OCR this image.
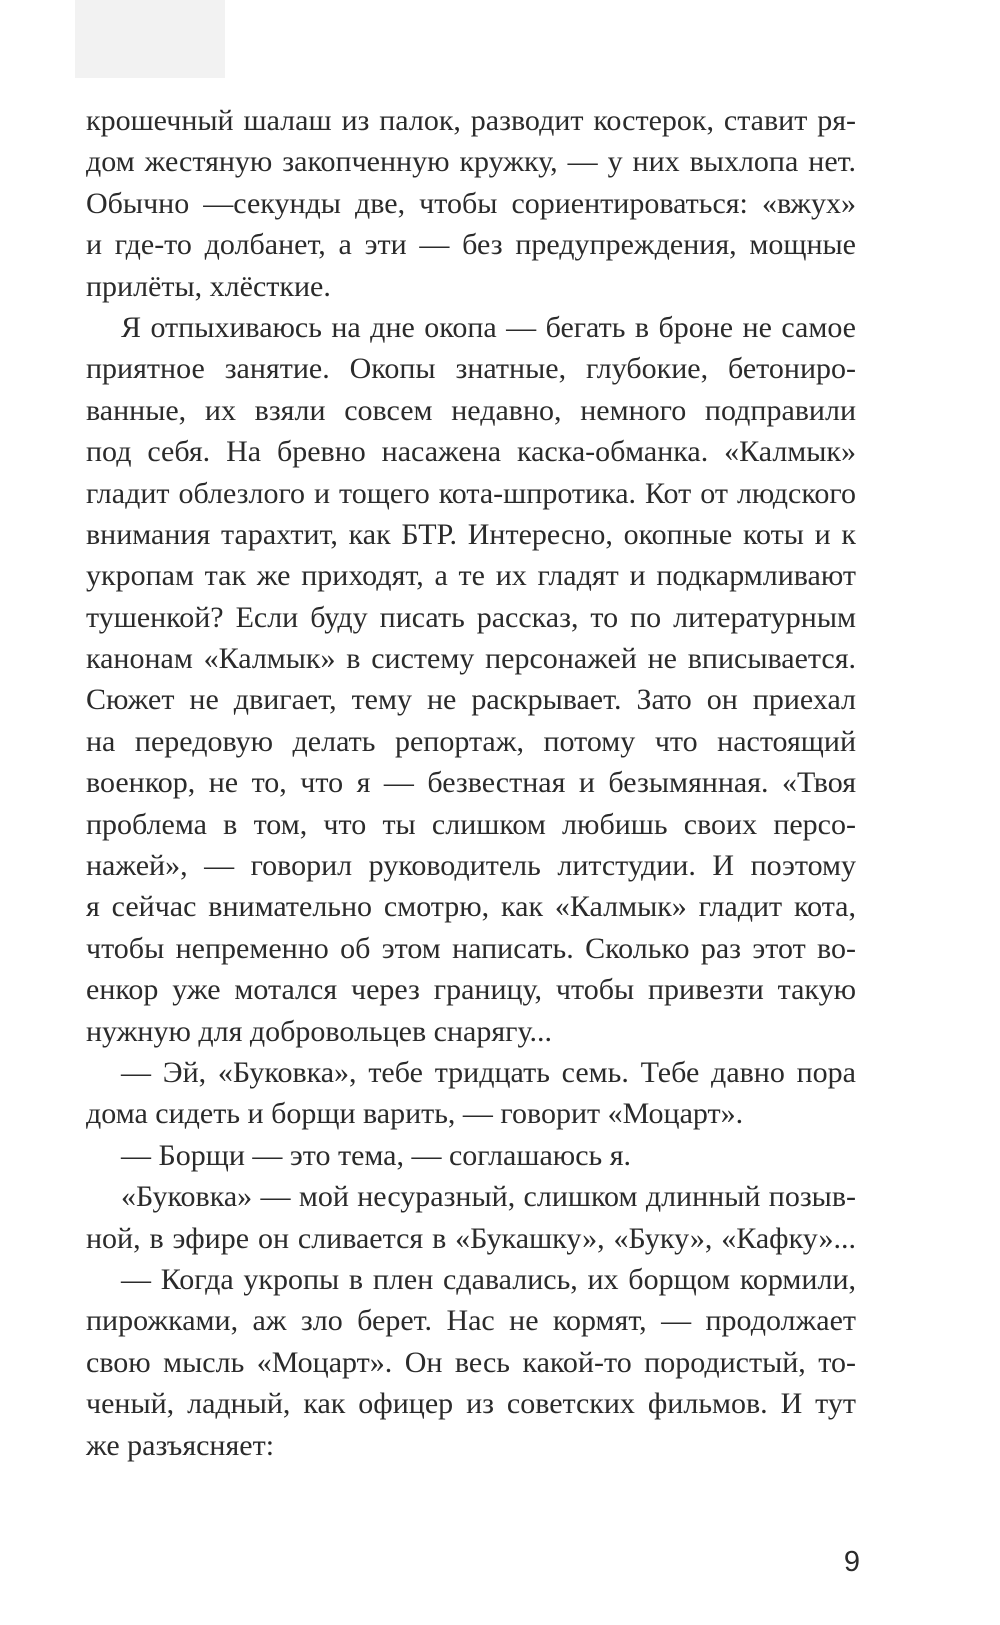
крошечный шалаш из палок, разводит костерок, ставит ря-
дом жестяную закопченную кружку, — у них выхлопа нет.
Обычно —секунды две, чтобы сориентироваться: «вжух»
и где-то долбанет, а эти — без предупреждения, мощные
прилёты, хлёсткие.
Я отпыхиваюсь на дне окопа — бегать в броне не самое
приятное занятие. Окопы знатные, глубокие, бетониро-
ванные, их взяли совсем недавно, немного подправили
под себя. На бревно насажена каска-обманка. «Калмык»
гладит облезлого и тощего кота-шпротика. Кот от людского
внимания тарахтит, как БТР. Интересно, окопные коты и к
укропам так же приходят, а те их гладят и подкармливают
тушенкой? Если буду писать рассказ, то по литературным
канонам «Калмык» в систему персонажей не вписывается.
Сюжет не двигает, тему не раскрывает. Зато он приехал
на передовую делать репортаж, потому что настоящий
военкор, не то, что я — безвестная и безымянная. «Твоя
проблема в том, что ты слишком любишь своих персо-
нажей», — говорил руководитель литстудии. И поэтому
я сейчас внимательно смотрю, как «Калмык» гладит кота,
чтобы непременно об этом написать. Сколько раз этот во-
енкор уже мотался через границу, чтобы привезти такую
нужную для добровольцев снарягу...
— Эй, «Буковка», тебе тридцать семь. Тебе давно пора
дома сидеть и борщи варить, — говорит «Моцарт».
— Борщи — это тема, — соглашаюсь я.
«Буковка» — мой несуразный, слишком длинный позыв-
ной, в эфире он сливается в «Букашку», «Буку», «Кафку»...
— Когда укропы в плен сдавались, их борщом кормили,
пирожками, аж зло берет. Нас не кормят, — продолжает
свою мысль «Моцарт». Он весь какой-то породистый, то-
ченый, ладный, как офицер из советских фильмов. И тут
же разъясняет:
9
